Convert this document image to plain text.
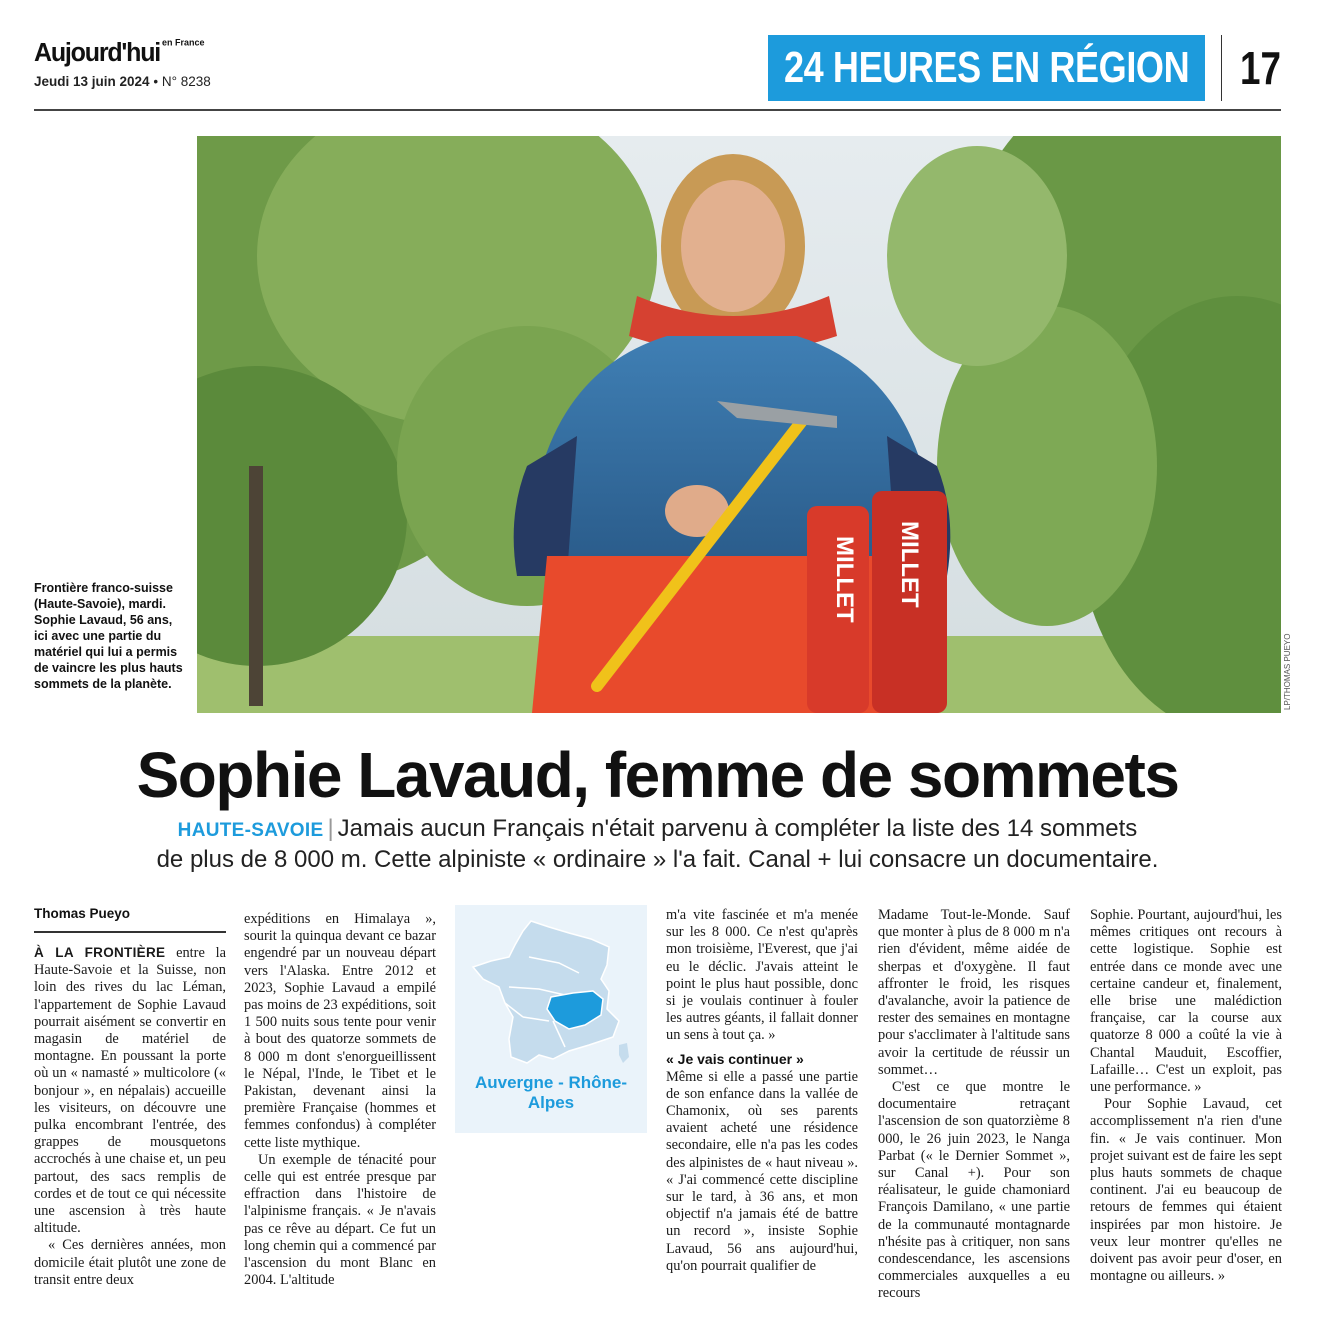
Aujourd'hui en France
Jeudi 13 juin 2024 • N° 8238	24 HEURES EN RÉGION	17
MILLET MILLET
LP/THOMAS PUEYO
Frontière franco-suisse (Haute-Savoie), mardi. Sophie Lavaud, 56 ans, ici avec une partie du matériel qui lui a permis de vaincre les plus hauts sommets de la planète.
Sophie Lavaud, femme de sommets
HAUTE-SAVOIE | Jamais aucun Français n'était parvenu à compléter la liste des 14 sommets
de plus de 8 000 m. Cette alpiniste « ordinaire » l'a fait. Canal + lui consacre un documentaire.
Thomas Pueyo

À LA FRONTIÈRE entre la Haute-Savoie et la Suisse, non loin des rives du lac Léman, l'appartement de Sophie Lavaud pourrait aisément se convertir en magasin de matériel de montagne. En poussant la porte où un « namasté » multicolore (« bonjour », en népalais) accueille les visiteurs, on découvre une pulka encombrant l'entrée, des grappes de mousquetons accrochés à une chaise et, un peu partout, des sacs remplis de cordes et de tout ce qui nécessite une ascension à très haute altitude.

« Ces dernières années, mon domicile était plutôt une zone de transit entre deux

expéditions en Himalaya », sourit la quinqua devant ce bazar engendré par un nouveau départ vers l'Alaska. Entre 2012 et 2023, Sophie Lavaud a empilé pas moins de 23 expéditions, soit 1 500 nuits sous tente pour venir à bout des quatorze sommets de 8 000 m dont s'enorgueillissent le Népal, l'Inde, le Tibet et le Pakistan, devenant ainsi la première Française (hommes et femmes confondus) à compléter cette liste mythique.

Un exemple de ténacité pour celle qui est entrée presque par effraction dans l'histoire de l'alpinisme français. « Je n'avais pas ce rêve au départ. Ce fut un long chemin qui a commencé par l'ascension du mont Blanc en 2004. L'altitude

Auvergne - Rhône-Alpes

m'a vite fascinée et m'a menée sur les 8 000. Ce n'est qu'après mon troisième, l'Everest, que j'ai eu le déclic. J'avais atteint le point le plus haut possible, donc si je voulais continuer à fouler les autres géants, il fallait donner un sens à tout ça. »

« Je vais continuer »

Même si elle a passé une partie de son enfance dans la vallée de Chamonix, où ses parents avaient acheté une résidence secondaire, elle n'a pas les codes des alpinistes de « haut niveau ». « J'ai commencé cette discipline sur le tard, à 36 ans, et mon objectif n'a jamais été de battre un record », insiste Sophie Lavaud, 56 ans aujourd'hui, qu'on pourrait qualifier de

Madame Tout-le-Monde. Sauf que monter à plus de 8 000 m n'a rien d'évident, même aidée de sherpas et d'oxygène. Il faut affronter le froid, les risques d'avalanche, avoir la patience de rester des semaines en montagne pour s'acclimater à l'altitude sans avoir la certitude de réussir un sommet…

C'est ce que montre le documentaire retraçant l'ascension de son quatorzième 8 000, le 26 juin 2023, le Nanga Parbat (« le Dernier Sommet », sur Canal +). Pour son réalisateur, le guide chamoniard François Damilano, « une partie de la communauté montagnarde n'hésite pas à critiquer, non sans condescendance, les ascensions commerciales auxquelles a eu recours

Sophie. Pourtant, aujourd'hui, les mêmes critiques ont recours à cette logistique. Sophie est entrée dans ce monde avec une certaine candeur et, finalement, elle brise une malédiction française, car la course aux quatorze 8 000 a coûté la vie à Chantal Mauduit, Escoffier, Lafaille… C'est un exploit, pas une performance. »

Pour Sophie Lavaud, cet accomplissement n'a rien d'une fin. « Je vais continuer. Mon projet suivant est de faire les sept plus hauts sommets de chaque continent. J'ai eu beaucoup de retours de femmes qui étaient inspirées par mon histoire. Je veux leur montrer qu'elles ne doivent pas avoir peur d'oser, en montagne ou ailleurs. »
